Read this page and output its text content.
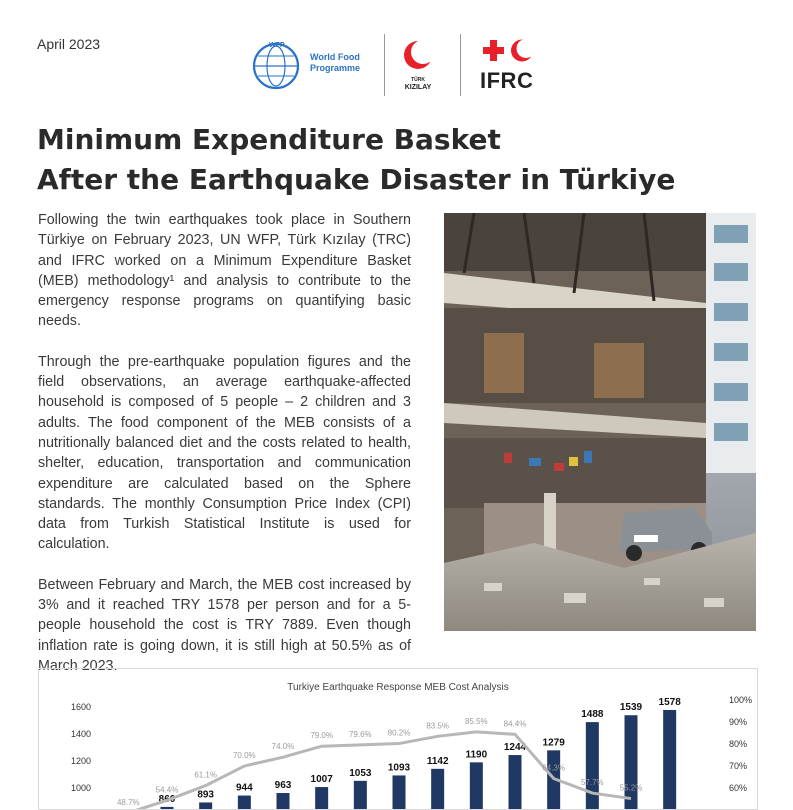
April 2023	WFP
World Food
Programme
TÜRK
KIZILAY IFRC
Minimum Expenditure Basket
After the Earthquake Disaster in Türkiye

Following the twin earthquakes took place in Southern Türkiye on February 2023, UN WFP, Türk Kızılay (TRC) and IFRC worked on a Minimum Expenditure Basket (MEB) methodology¹ and analysis to contribute to the emergency response programs on quantifying basic needs.

Through the pre-earthquake population figures and the field observations, an average earthquake-affected household is composed of 5 people – 2 children and 3 adults. The food component of the MEB consists of a nutritionally balanced diet and the costs related to health, shelter, education, transportation and communication expenditure are calculated based on the Sphere standards. The monthly Consumption Price Index (CPI) data from Turkish Statistical Institute is used for calculation.

Between February and March, the MEB cost increased by 3% and it reached TRY 1578 per person and for a 5-people household the cost is TRY 7889. Even though inflation rate is going down, it is still high at 50.5% as of March 2023.

Turkiye Earthquake Response MEB Cost Analysis
1000
1200
1400
1600
60%
70%
80%
90%
100%
860 893
944 963
1007
1053 1093
1142
1190
1244 1279
1488
1539 1578
48.7%
54.4%
61.1%
70.0%
74.0%
79.0% 79.6% 80.2%
83.5% 85.5% 84.4%
64.3%
57.7%
55.2%
